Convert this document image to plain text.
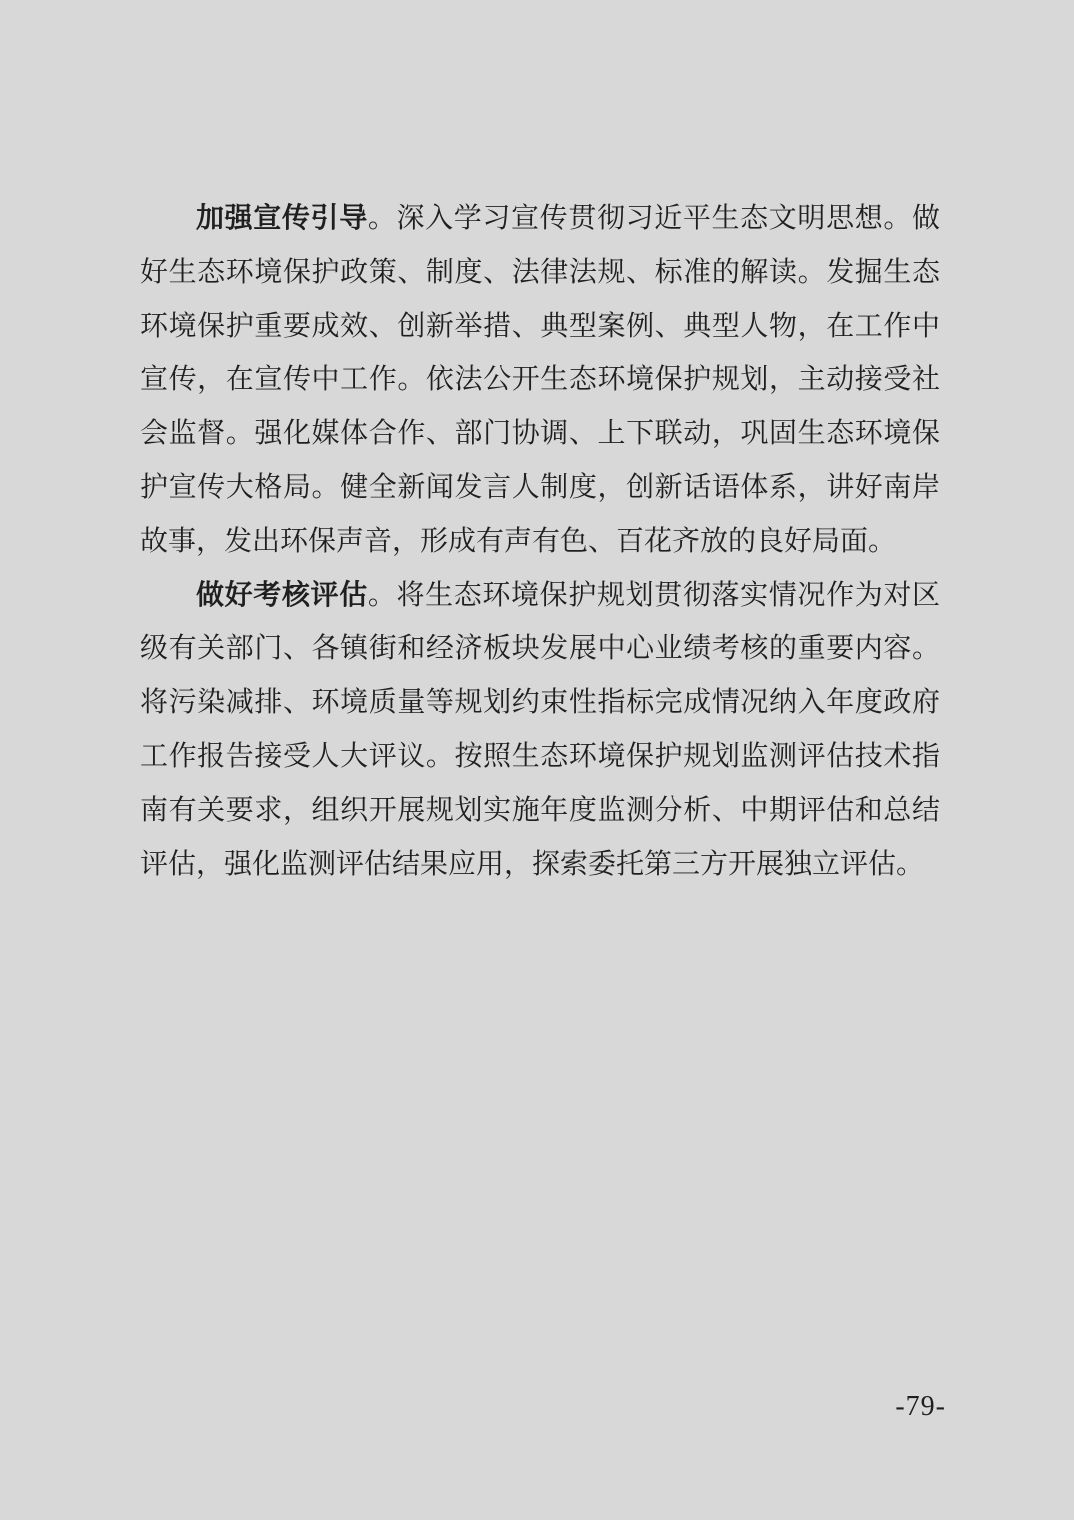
加强宣传引导。深入学习宣传贯彻习近平生态文明思想。做

好生态环境保护政策、制度、法律法规、标准的解读。发掘生态

环境保护重要成效、创新举措、典型案例、典型人物，在工作中

宣传，在宣传中工作。依法公开生态环境保护规划，主动接受社

会监督。强化媒体合作、部门协调、上下联动，巩固生态环境保

护宣传大格局。健全新闻发言人制度，创新话语体系，讲好南岸

故事，发出环保声音，形成有声有色、百花齐放的良好局面。

做好考核评估。将生态环境保护规划贯彻落实情况作为对区

级有关部门、各镇街和经济板块发展中心业绩考核的重要内容。

将污染减排、环境质量等规划约束性指标完成情况纳入年度政府

工作报告接受人大评议。按照生态环境保护规划监测评估技术指

南有关要求，组织开展规划实施年度监测分析、中期评估和总结

评估，强化监测评估结果应用，探索委托第三方开展独立评估。

-79-
